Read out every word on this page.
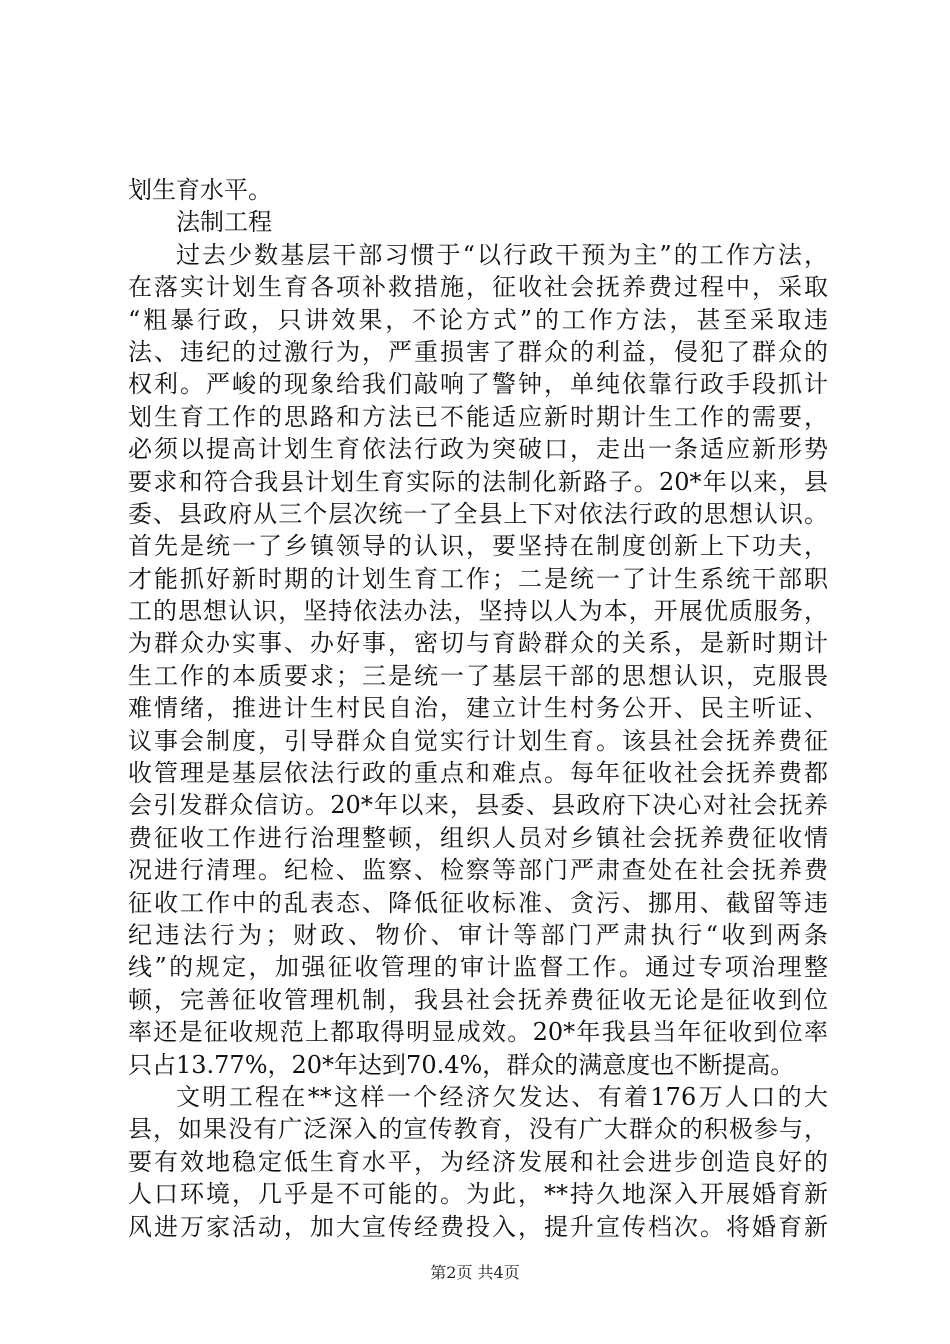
划生育水平。
法制工程
过去少数基层干部习惯于“以行政干预为主”的工作方法，
在落实计划生育各项补救措施，征收社会抚养费过程中，采取
“粗暴行政，只讲效果，不论方式”的工作方法，甚至采取违
法、违纪的过激行为，严重损害了群众的利益，侵犯了群众的
权利。严峻的现象给我们敲响了警钟，单纯依靠行政手段抓计
划生育工作的思路和方法已不能适应新时期计生工作的需要，
必须以提高计划生育依法行政为突破口，走出一条适应新形势
要求和符合我县计划生育实际的法制化新路子。20*年以来，县
委、县政府从三个层次统一了全县上下对依法行政的思想认识。
首先是统一了乡镇领导的认识，要坚持在制度创新上下功夫，
才能抓好新时期的计划生育工作；二是统一了计生系统干部职
工的思想认识，坚持依法办法，坚持以人为本，开展优质服务，
为群众办实事、办好事，密切与育龄群众的关系，是新时期计
生工作的本质要求；三是统一了基层干部的思想认识，克服畏
难情绪，推进计生村民自治，建立计生村务公开、民主听证、
议事会制度，引导群众自觉实行计划生育。该县社会抚养费征
收管理是基层依法行政的重点和难点。每年征收社会抚养费都
会引发群众信访。20*年以来，县委、县政府下决心对社会抚养
费征收工作进行治理整顿，组织人员对乡镇社会抚养费征收情
况进行清理。纪检、监察、检察等部门严肃查处在社会抚养费
征收工作中的乱表态、降低征收标准、贪污、挪用、截留等违
纪违法行为；财政、物价、审计等部门严肃执行“收到两条
线”的规定，加强征收管理的审计监督工作。通过专项治理整
顿，完善征收管理机制，我县社会抚养费征收无论是征收到位
率还是征收规范上都取得明显成效。20*年我县当年征收到位率
只占13.77%，20*年达到70.4%，群众的满意度也不断提高。
文明工程在**这样一个经济欠发达、有着176万人口的大
县，如果没有广泛深入的宣传教育，没有广大群众的积极参与，
要有效地稳定低生育水平，为经济发展和社会进步创造良好的
人口环境，几乎是不可能的。为此，**持久地深入开展婚育新
风进万家活动，加大宣传经费投入，提升宣传档次。将婚育新
第2页 共4页
